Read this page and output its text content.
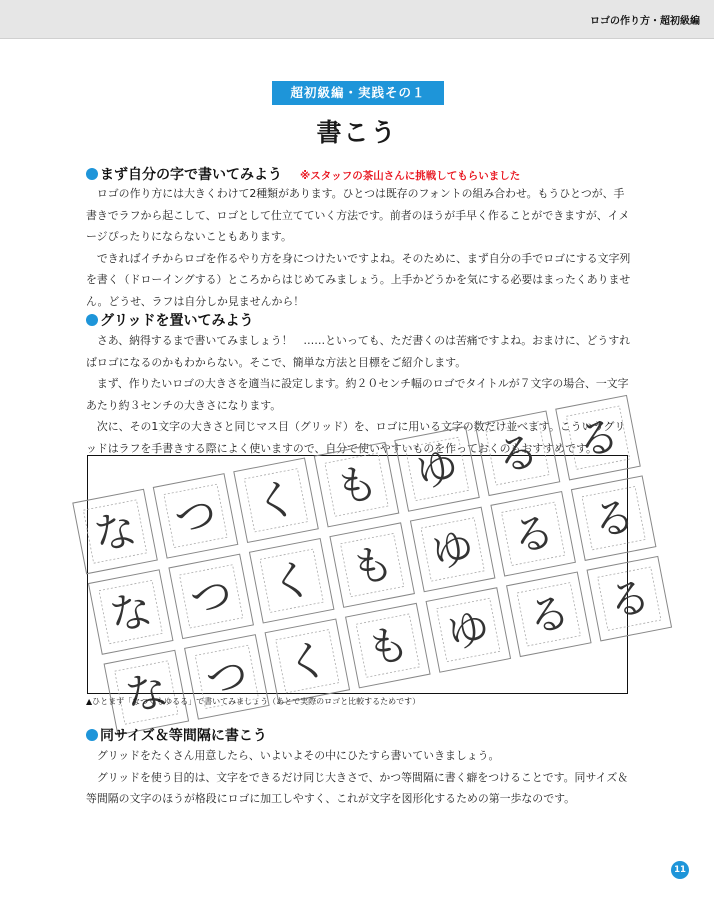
ロゴの作り方・超初級編
超初級編・実践その１
書こう
まず自分の字で書いてみよう ※スタッフの茶山さんに挑戦してもらいました

ロゴの作り方には大きくわけて2種類があります。ひとつは既存のフォントの組み合わせ。もうひとつが、手書きでラフから起こして、ロゴとして仕立てていく方法です。前者のほうが手早く作ることができますが、イメージぴったりにならないこともあります。

できればイチからロゴを作るやり方を身につけたいですよね。そのために、まず自分の手でロゴにする文字列を書く（ドローイングする）ところからはじめてみましょう。上手かどうかを気にする必要はまったくありません。どうせ、ラフは自分しか見ませんから！

グリッドを置いてみよう

さあ、納得するまで書いてみましょう！　……といっても、ただ書くのは苦痛ですよね。おまけに、どうすればロゴになるのかもわからない。そこで、簡単な方法と目標をご紹介します。

まず、作りたいロゴの大きさを適当に設定します。約２０センチ幅のロゴでタイトルが７文字の場合、一文字あたり約３センチの大きさになります。

次に、その1文字の大きさと同じマス目（グリッド）を、ロゴに用いる文字の数だけ並べます。こういうグリッドはラフを手書きする際によく使いますので、自分で使いやすいものを作っておくのもおすすめです。

な つ く も ゆ る る
な つ く も ゆ る る
な つ く も ゆ る る
▲ひとまず「なつくもゆるる」で書いてみましょう（あとで実際のロゴと比較するためです）
同サイズ＆等間隔に書こう

グリッドをたくさん用意したら、いよいよその中にひたすら書いていきましょう。

グリッドを使う目的は、文字をできるだけ同じ大きさで、かつ等間隔に書く癖をつけることです。同サイズ＆等間隔の文字のほうが格段にロゴに加工しやすく、これが文字を図形化するための第一歩なのです。

11
